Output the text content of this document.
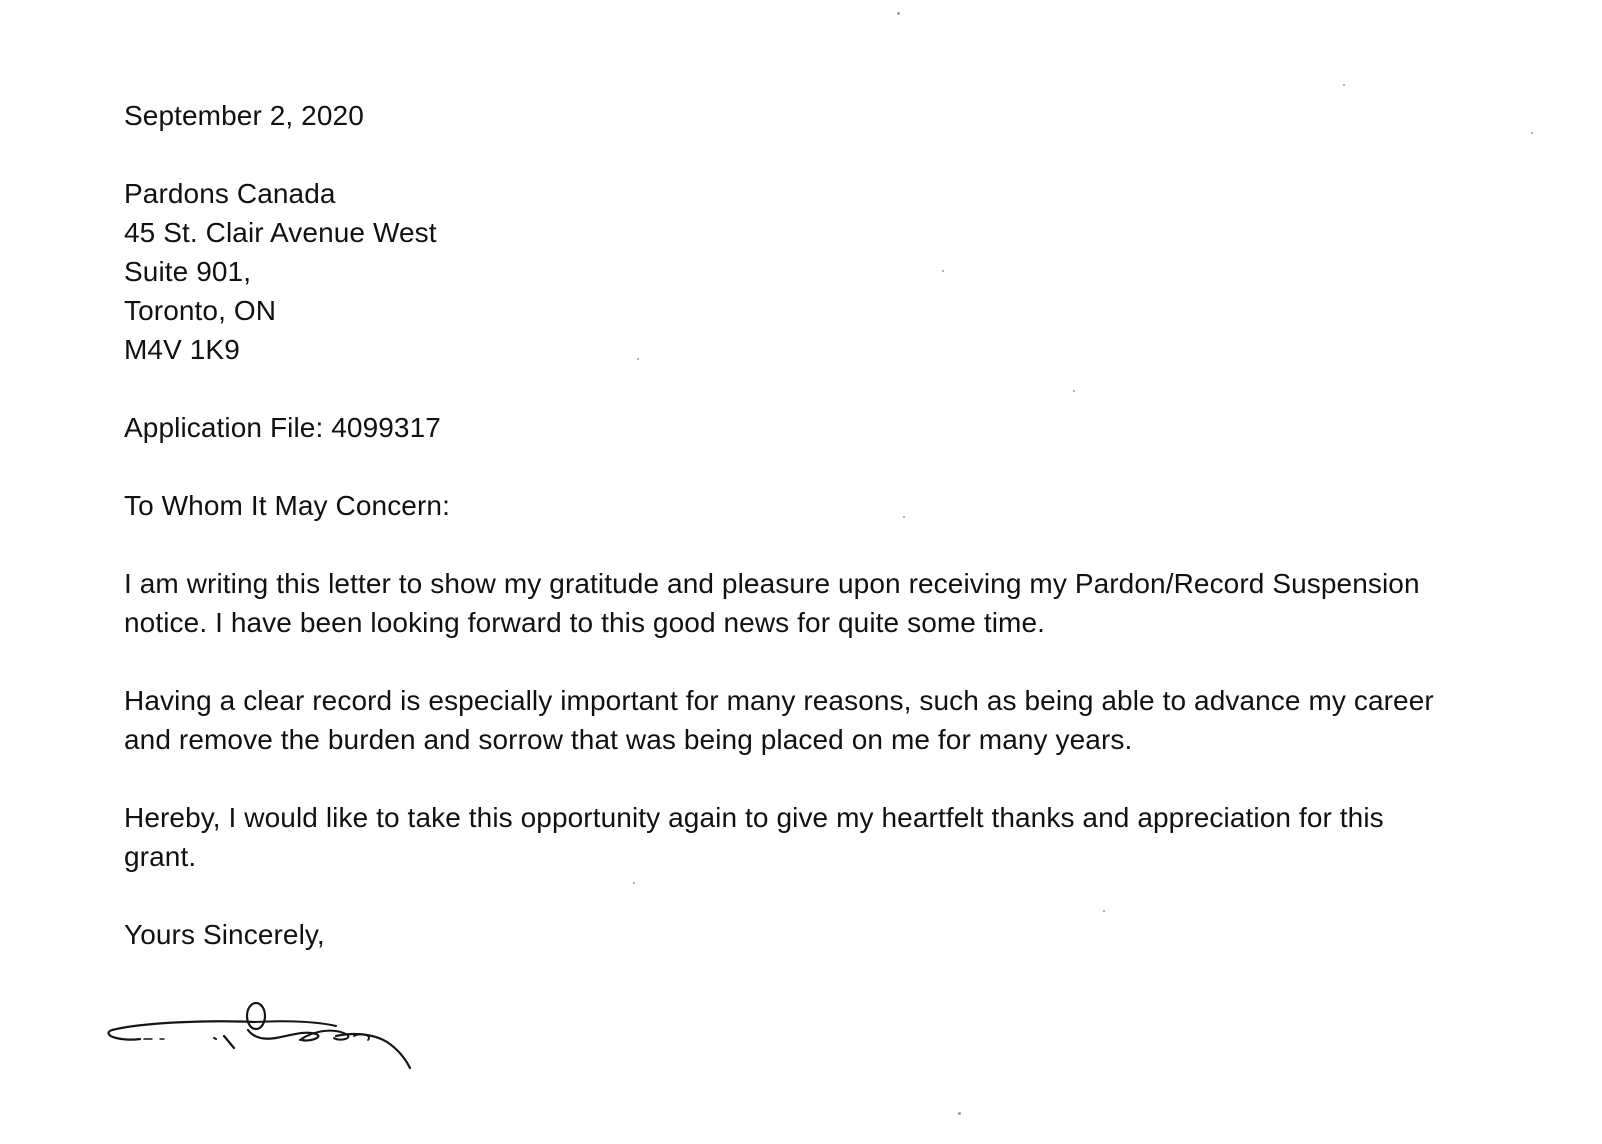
September 2, 2020
Pardons Canada
45 St. Clair Avenue West
Suite 901,
Toronto, ON
M4V 1K9
Application File: 4099317
To Whom It May Concern:
I am writing this letter to show my gratitude and pleasure upon receiving my Pardon/Record Suspension
notice. I have been looking forward to this good news for quite some time.
Having a clear record is especially important for many reasons, such as being able to advance my career
and remove the burden and sorrow that was being placed on me for many years.
Hereby, I would like to take this opportunity again to give my heartfelt thanks and appreciation for this
grant.
Yours Sincerely,
